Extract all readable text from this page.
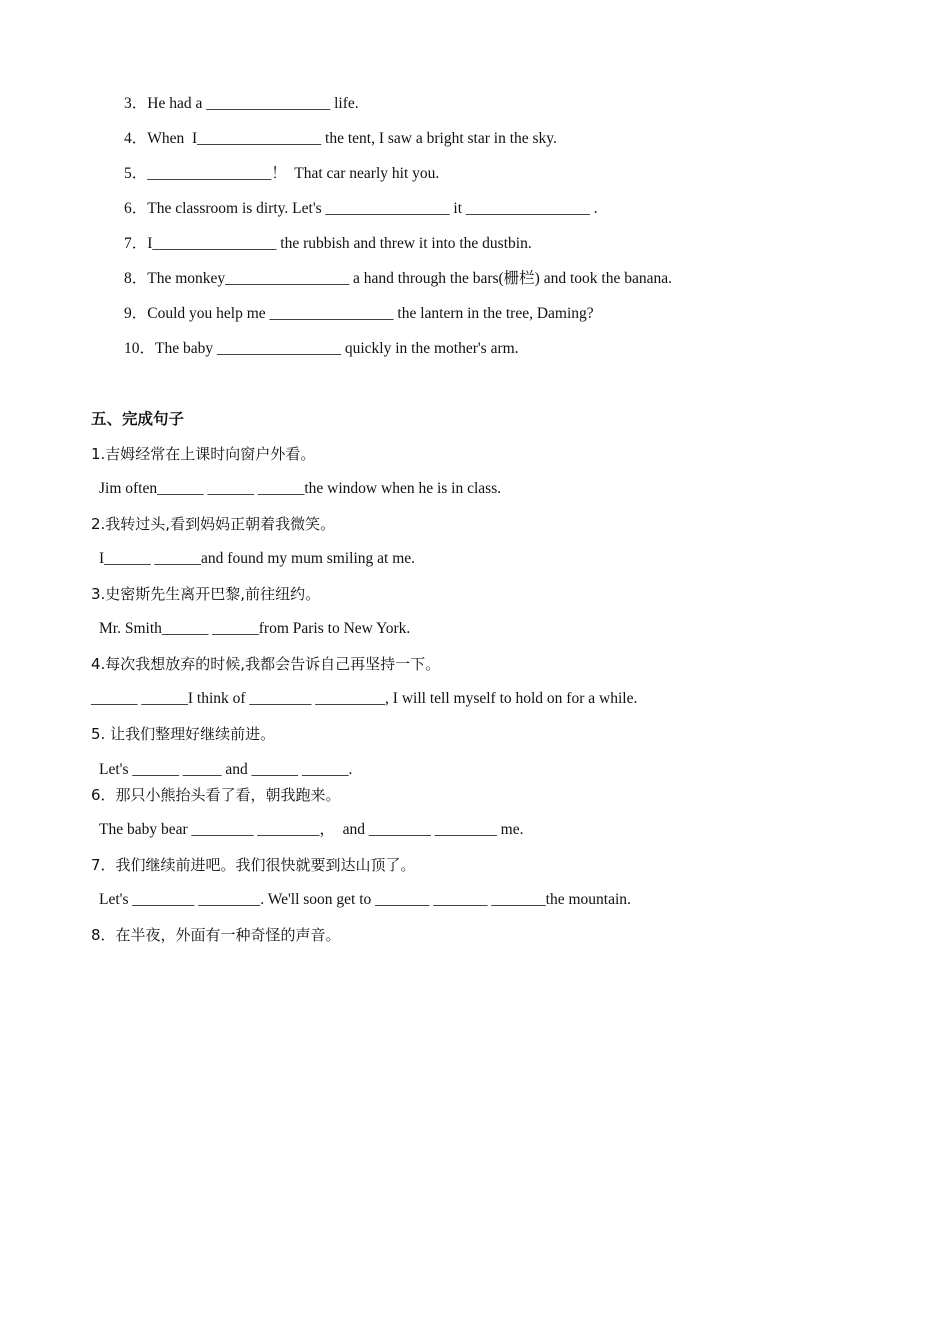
3．He had a ________________ life.
4．When  I________________ the tent, I saw a bright star in the sky.
5．________________！  That car nearly hit you.
6．The classroom is dirty. Let's ________________ it ________________ .
7．I________________ the rubbish and threw it into the dustbin.
8．The monkey________________ a hand through the bars(栅栏) and took the banana.
9．Could you help me ________________ the lantern in the tree, Daming?
10．The baby ________________ quickly in the mother's arm.
五、完成句子
1.吉姆经常在上课时向窗户外看。
Jim often______ ______ ______the window when he is in class.
2.我转过头,看到妈妈正朝着我微笑。
I______ ______and found my mum smiling at me.
3.史密斯先生离开巴黎,前往纽约。
Mr. Smith______ ______from Paris to New York.
4.每次我想放弃的时候,我都会告诉自己再坚持一下。
______ ______I think of ________ _________, I will tell myself to hold on for a while.
5. 让我们整理好继续前进。
Let's ______ _____ and ______ ______.
6．那只小熊抬头看了看，朝我跑来。
The baby bear ________ ________，  and ________ ________ me.
7．我们继续前进吧。我们很快就要到达山顶了。
Let's ________ ________. We'll soon get to _______ _______ _______the mountain.
8．在半夜，外面有一种奇怪的声音。
